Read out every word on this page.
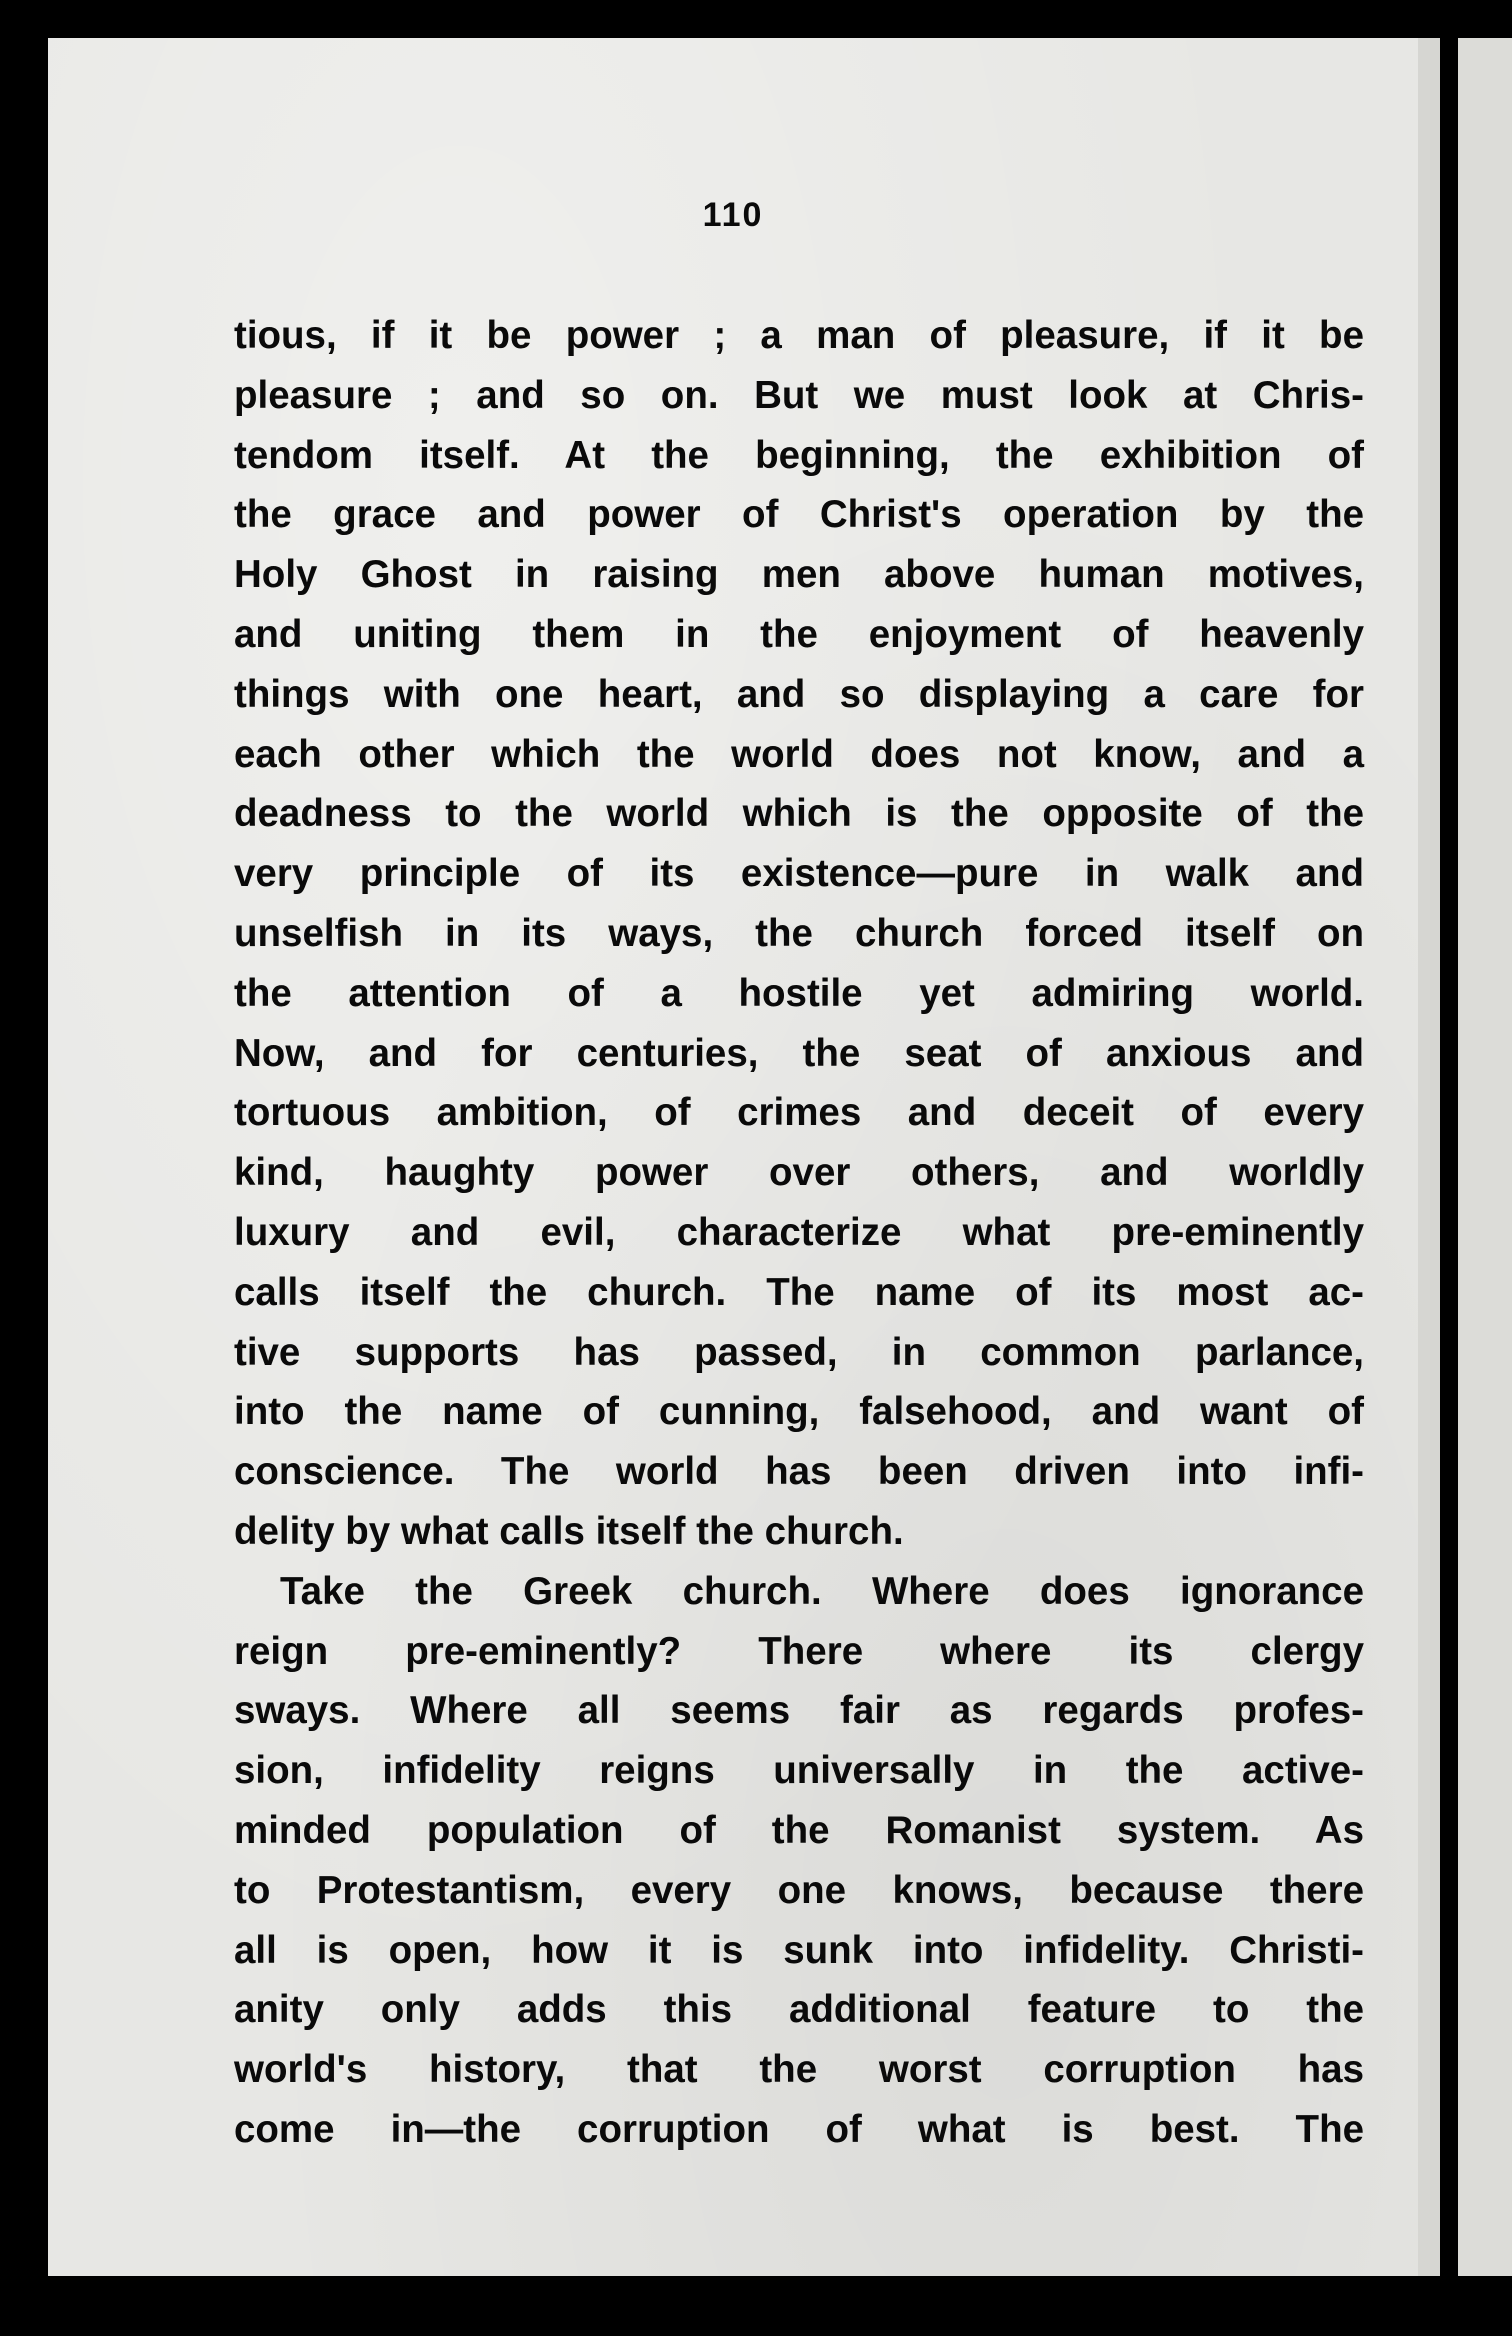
110
tious, if it be power ; a man of pleasure, if it be
pleasure ; and so on. But we must look at Chris-
tendom itself. At the beginning, the exhibition of
the grace and power of Christ's operation by the
Holy Ghost in raising men above human motives,
and uniting them in the enjoyment of heavenly
things with one heart, and so displaying a care for
each other which the world does not know, and a
deadness to the world which is the opposite of the
very principle of its existence—pure in walk and
unselfish in its ways, the church forced itself on
the attention of a hostile yet admiring world.
Now, and for centuries, the seat of anxious and
tortuous ambition, of crimes and deceit of every
kind, haughty power over others, and worldly
luxury and evil, characterize what pre-eminently
calls itself the church. The name of its most ac-
tive supports has passed, in common parlance,
into the name of cunning, falsehood, and want of
conscience. The world has been driven into infi-
delity by what calls itself the church.
Take the Greek church. Where does ignorance
reign pre-eminently? There where its clergy
sways. Where all seems fair as regards profes-
sion, infidelity reigns universally in the active-
minded population of the Romanist system. As
to Protestantism, every one knows, because there
all is open, how it is sunk into infidelity. Christi-
anity only adds this additional feature to the
world's history, that the worst corruption has
come in—the corruption of what is best. The
